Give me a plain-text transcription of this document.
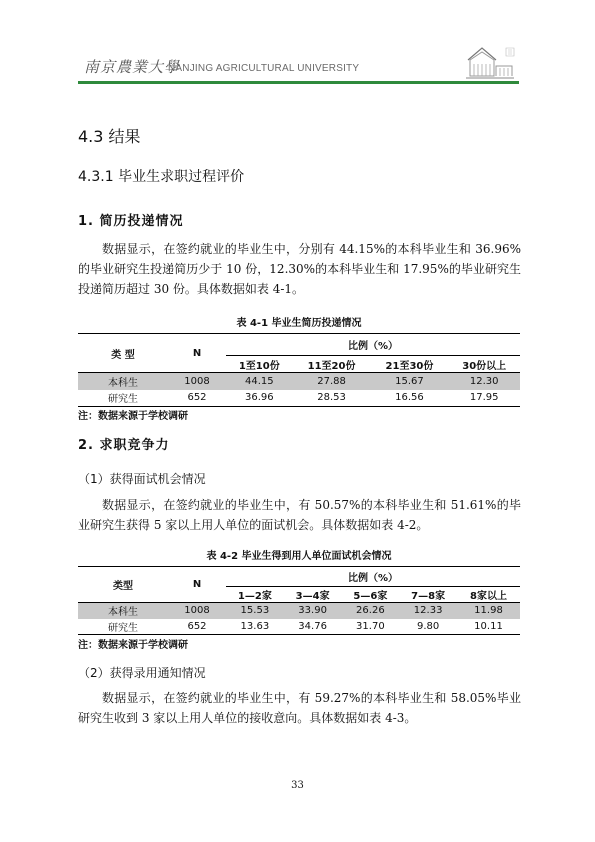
南京農業大學
NANJING AGRICULTURAL UNIVERSITY
4.3 结果
4.3.1 毕业生求职过程评价
1. 简历投递情况

数据显示，在签约就业的毕业生中，分别有 44.15%的本科毕业生和 36.96%的毕业研究生投递简历少于 10 份，12.30%的本科毕业生和 17.95%的毕业研究生投递简历超过 30 份。具体数据如表 4-1。

表 4-1 毕业生简历投递情况
类 型	N	比例（%）			
		1至10份	11至20份	21至30份	30份以上
本科生	1008	44.15	27.88	15.67	12.30
研究生	652	36.96	28.53	16.56	17.95
注：数据来源于学校调研
2. 求职竞争力
（1）获得面试机会情况

数据显示，在签约就业的毕业生中，有 50.57%的本科毕业生和 51.61%的毕业研究生获得 5 家以上用人单位的面试机会。具体数据如表 4-2。

表 4-2 毕业生得到用人单位面试机会情况
类型	N	比例（%）				
		1—2家	3—4家	5—6家	7—8家	8家以上
本科生	1008	15.53	33.90	26.26	12.33	11.98
研究生	652	13.63	34.76	31.70	9.80	10.11
注：数据来源于学校调研
（2）获得录用通知情况

数据显示，在签约就业的毕业生中，有 59.27%的本科毕业生和 58.05%毕业研究生收到 3 家以上用人单位的接收意向。具体数据如表 4-3。

33
